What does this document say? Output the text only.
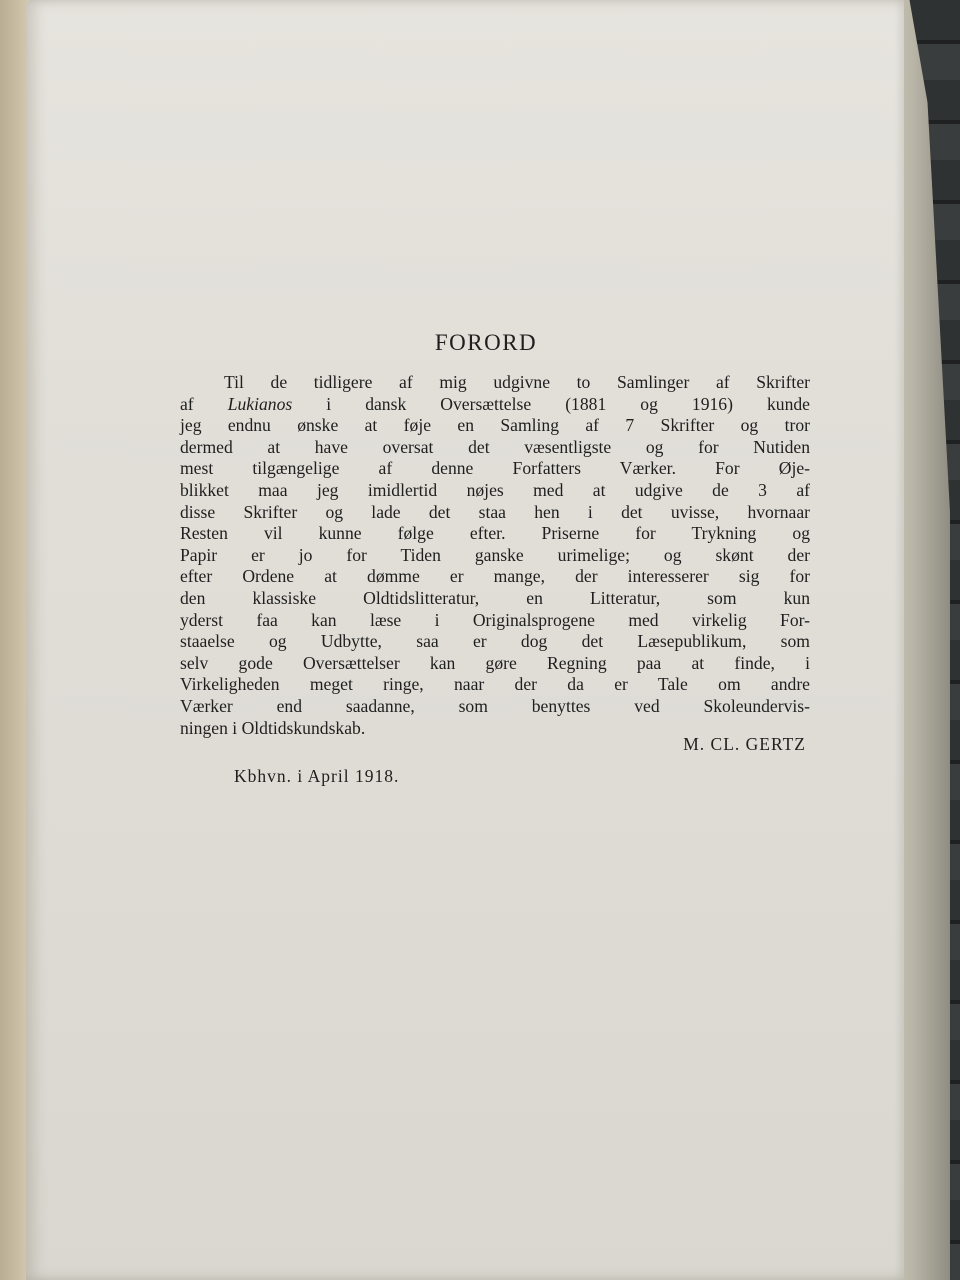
FORORD
Til de tidligere af mig udgivne to Samlinger af Skrifter
af Lukianos i dansk Oversættelse (1881 og 1916) kunde
jeg endnu ønske at føje en Samling af 7 Skrifter og tror
dermed at have oversat det væsentligste og for Nutiden
mest tilgængelige af denne Forfatters Værker. For Øje-
blikket maa jeg imidlertid nøjes med at udgive de 3 af
disse Skrifter og lade det staa hen i det uvisse, hvornaar
Resten vil kunne følge efter. Priserne for Trykning og
Papir er jo for Tiden ganske urimelige; og skønt der
efter Ordene at dømme er mange, der interesserer sig for
den klassiske Oldtidslitteratur, en Litteratur, som kun
yderst faa kan læse i Originalsprogene med virkelig For-
staaelse og Udbytte, saa er dog det Læsepublikum, som
selv gode Oversættelser kan gøre Regning paa at finde, i
Virkeligheden meget ringe, naar der da er Tale om andre
Værker end saadanne, som benyttes ved Skoleundervis-
ningen i Oldtidskundskab.
M. CL. GERTZ
Kbhvn. i April 1918.
